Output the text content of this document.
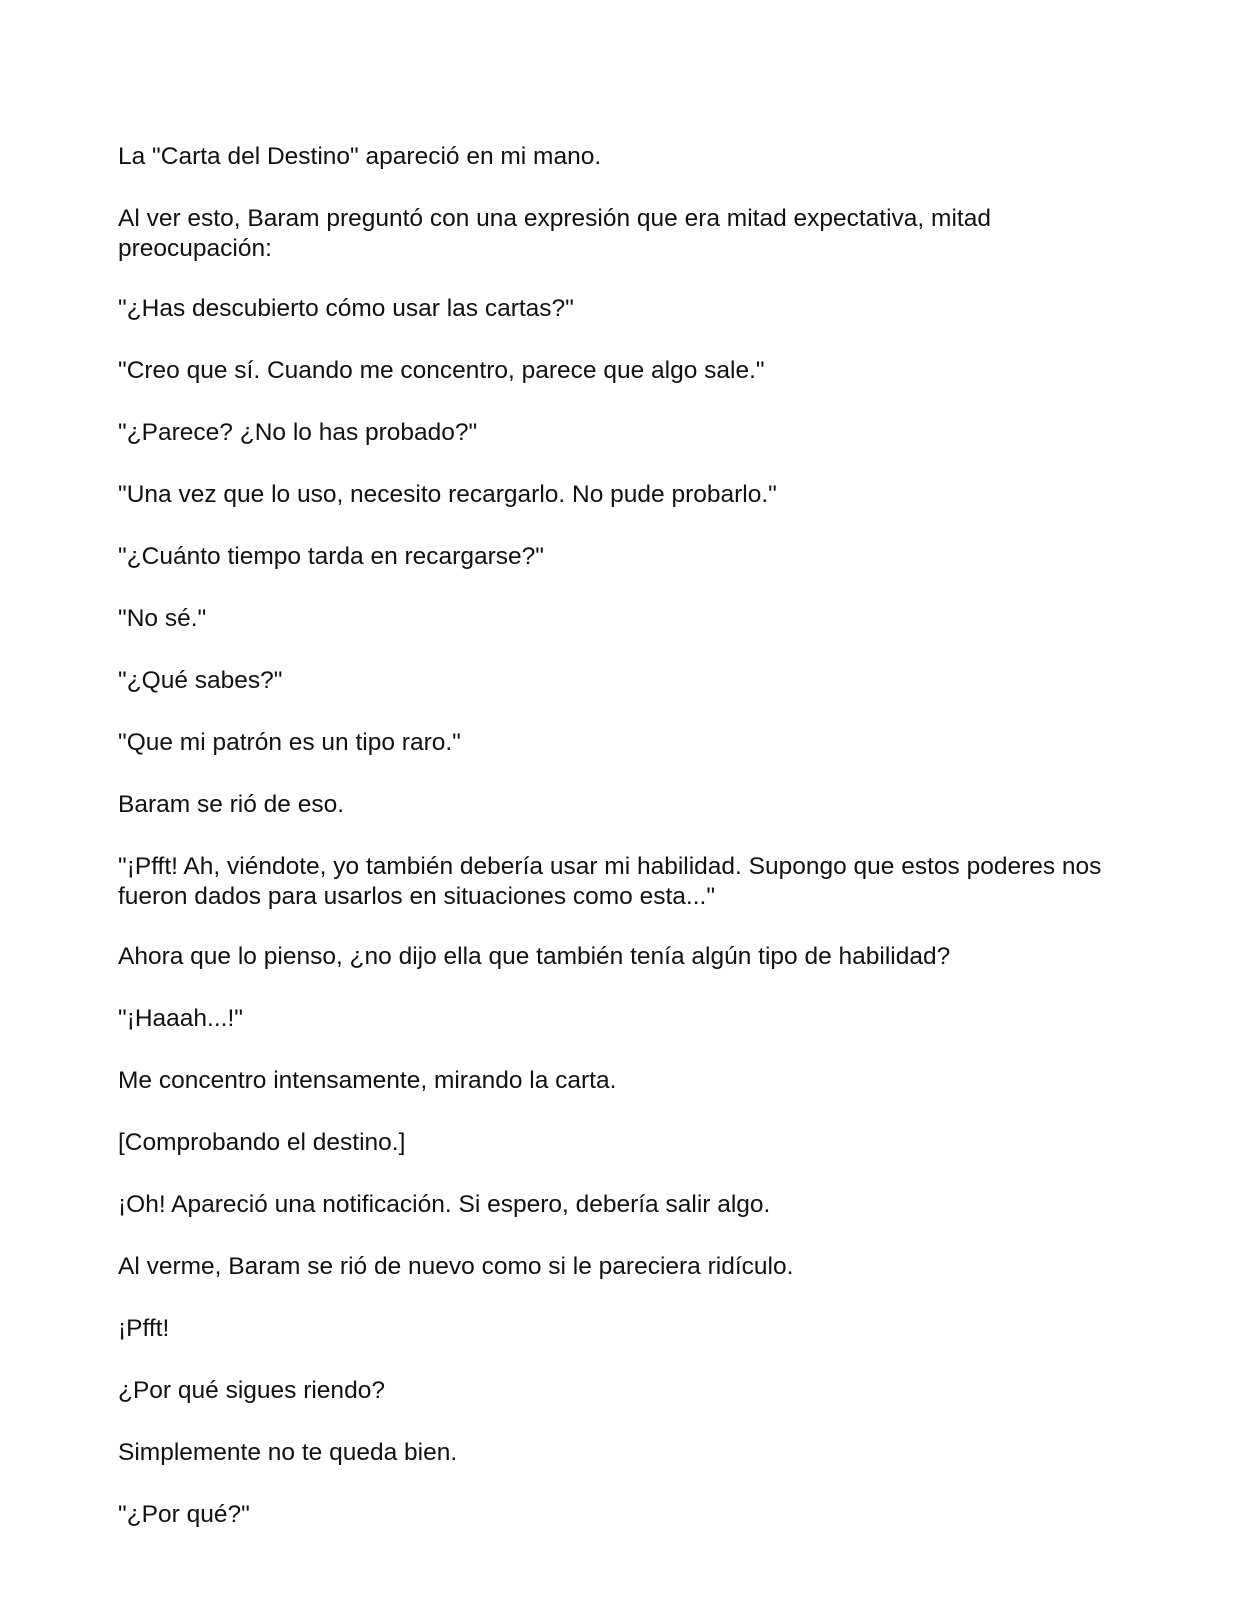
La "Carta del Destino" apareció en mi mano.

Al ver esto, Baram preguntó con una expresión que era mitad expectativa, mitad preocupación:

"¿Has descubierto cómo usar las cartas?"

"Creo que sí. Cuando me concentro, parece que algo sale."

"¿Parece? ¿No lo has probado?"

"Una vez que lo uso, necesito recargarlo. No pude probarlo."

"¿Cuánto tiempo tarda en recargarse?"

"No sé."

"¿Qué sabes?"

"Que mi patrón es un tipo raro."

Baram se rió de eso.

"¡Pfft! Ah, viéndote, yo también debería usar mi habilidad. Supongo que estos poderes nos fueron dados para usarlos en situaciones como esta..."

Ahora que lo pienso, ¿no dijo ella que también tenía algún tipo de habilidad?

"¡Haaah...!"

Me concentro intensamente, mirando la carta.

[Comprobando el destino.]

¡Oh! Apareció una notificación. Si espero, debería salir algo.

Al verme, Baram se rió de nuevo como si le pareciera ridículo.

¡Pfft!

¿Por qué sigues riendo?

Simplemente no te queda bien.

"¿Por qué?"
